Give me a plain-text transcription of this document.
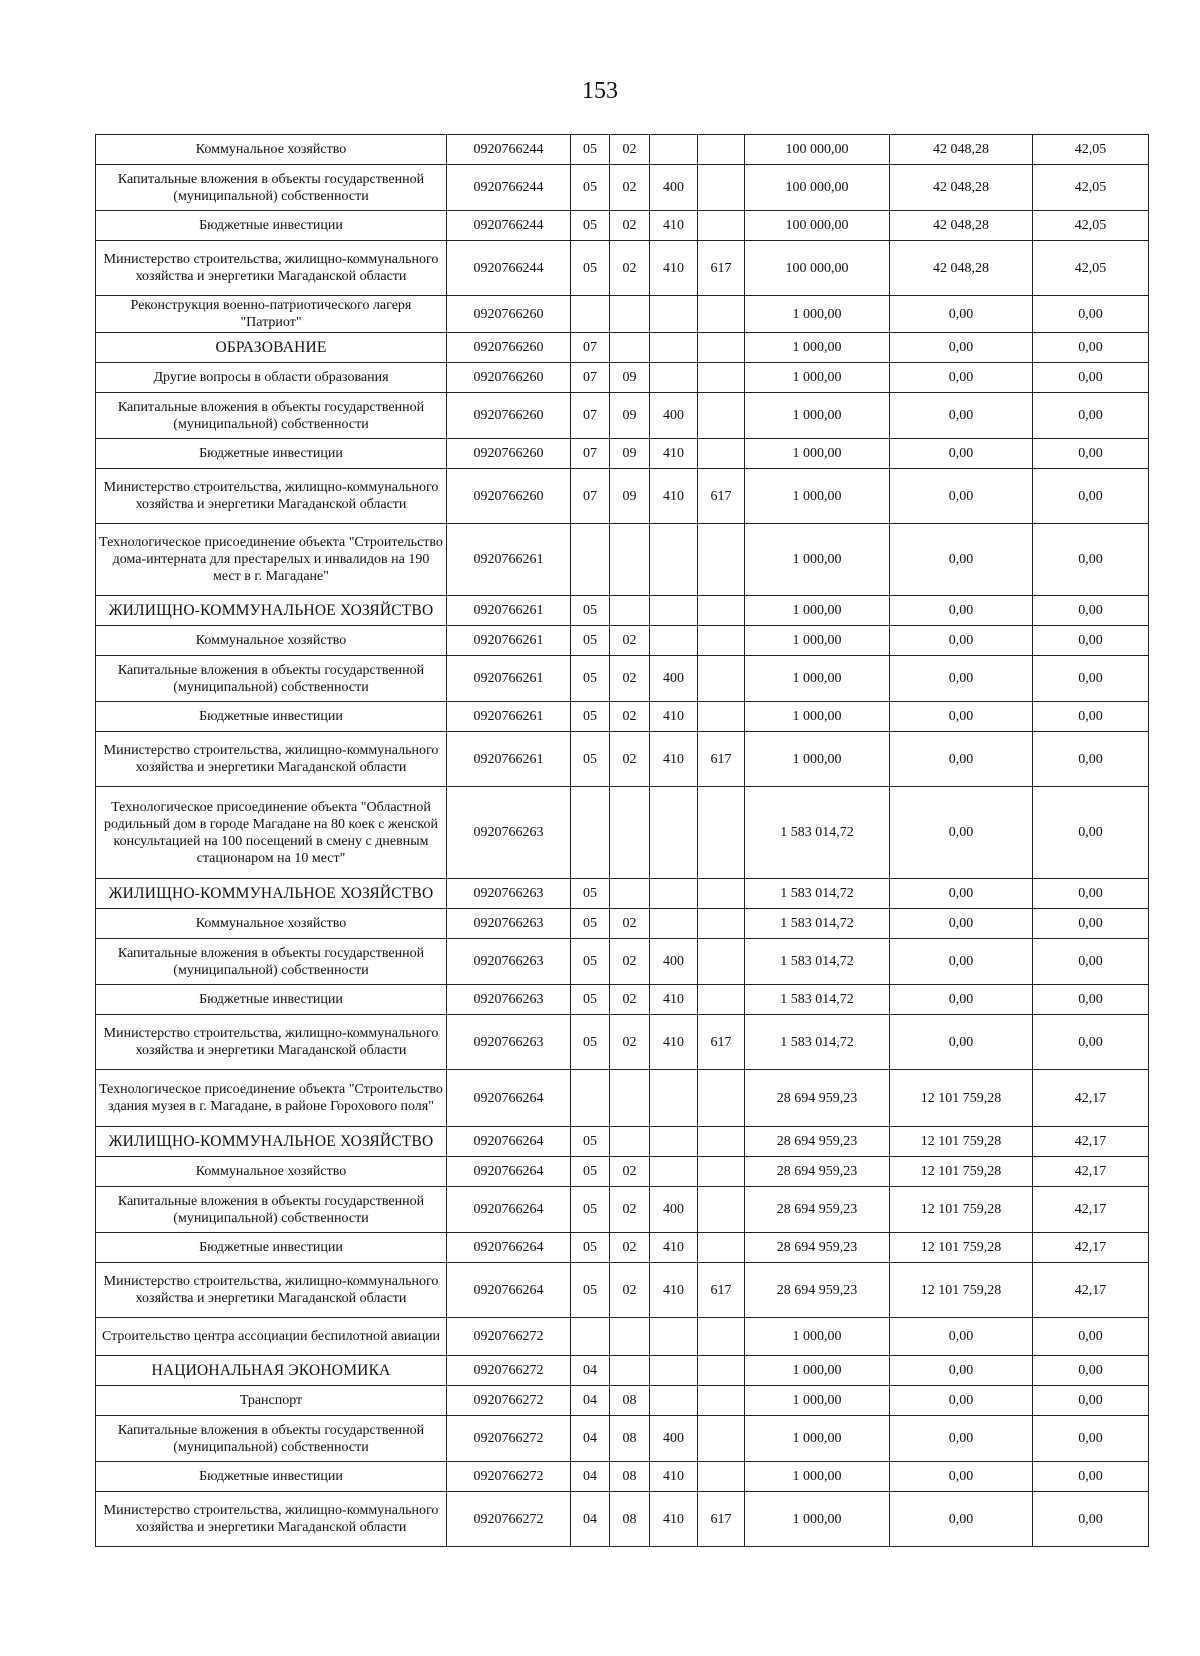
153
Коммунальное хозяйство	0920766244	05	02			100 000,00	42 048,28	42,05
Капитальные вложения в объекты государственной (муниципальной) собственности	0920766244	05	02	400		100 000,00	42 048,28	42,05
Бюджетные инвестиции	0920766244	05	02	410		100 000,00	42 048,28	42,05
Министерство строительства, жилищно-коммунального хозяйства и энергетики Магаданской области	0920766244	05	02	410	617	100 000,00	42 048,28	42,05
Реконструкция военно-патриотического лагеря "Патриот"	0920766260					1 000,00	0,00	0,00
ОБРАЗОВАНИЕ	0920766260	07				1 000,00	0,00	0,00
Другие вопросы в области образования	0920766260	07	09			1 000,00	0,00	0,00
Капитальные вложения в объекты государственной (муниципальной) собственности	0920766260	07	09	400		1 000,00	0,00	0,00
Бюджетные инвестиции	0920766260	07	09	410		1 000,00	0,00	0,00
Министерство строительства, жилищно-коммунального хозяйства и энергетики Магаданской области	0920766260	07	09	410	617	1 000,00	0,00	0,00
Технологическое присоединение объекта "Строительство дома-интерната для престарелых и инвалидов на 190 мест в г. Магадане"	0920766261					1 000,00	0,00	0,00
ЖИЛИЩНО-КОММУНАЛЬНОЕ ХОЗЯЙСТВО	0920766261	05				1 000,00	0,00	0,00
Коммунальное хозяйство	0920766261	05	02			1 000,00	0,00	0,00
Капитальные вложения в объекты государственной (муниципальной) собственности	0920766261	05	02	400		1 000,00	0,00	0,00
Бюджетные инвестиции	0920766261	05	02	410		1 000,00	0,00	0,00
Министерство строительства, жилищно-коммунального хозяйства и энергетики Магаданской области	0920766261	05	02	410	617	1 000,00	0,00	0,00
Технологическое присоединение объекта "Областной родильный дом в городе Магадане на 80 коек с женской консультацией на 100 посещений в смену с дневным стационаром на 10 мест"	0920766263					1 583 014,72	0,00	0,00
ЖИЛИЩНО-КОММУНАЛЬНОЕ ХОЗЯЙСТВО	0920766263	05				1 583 014,72	0,00	0,00
Коммунальное хозяйство	0920766263	05	02			1 583 014,72	0,00	0,00
Капитальные вложения в объекты государственной (муниципальной) собственности	0920766263	05	02	400		1 583 014,72	0,00	0,00
Бюджетные инвестиции	0920766263	05	02	410		1 583 014,72	0,00	0,00
Министерство строительства, жилищно-коммунального хозяйства и энергетики Магаданской области	0920766263	05	02	410	617	1 583 014,72	0,00	0,00
Технологическое присоединение объекта "Строительство здания музея в г. Магадане, в районе Горохового поля"	0920766264					28 694 959,23	12 101 759,28	42,17
ЖИЛИЩНО-КОММУНАЛЬНОЕ ХОЗЯЙСТВО	0920766264	05				28 694 959,23	12 101 759,28	42,17
Коммунальное хозяйство	0920766264	05	02			28 694 959,23	12 101 759,28	42,17
Капитальные вложения в объекты государственной (муниципальной) собственности	0920766264	05	02	400		28 694 959,23	12 101 759,28	42,17
Бюджетные инвестиции	0920766264	05	02	410		28 694 959,23	12 101 759,28	42,17
Министерство строительства, жилищно-коммунального хозяйства и энергетики Магаданской области	0920766264	05	02	410	617	28 694 959,23	12 101 759,28	42,17
Строительство центра ассоциации беспилотной авиации	0920766272					1 000,00	0,00	0,00
НАЦИОНАЛЬНАЯ ЭКОНОМИКА	0920766272	04				1 000,00	0,00	0,00
Транспорт	0920766272	04	08			1 000,00	0,00	0,00
Капитальные вложения в объекты государственной (муниципальной) собственности	0920766272	04	08	400		1 000,00	0,00	0,00
Бюджетные инвестиции	0920766272	04	08	410		1 000,00	0,00	0,00
Министерство строительства, жилищно-коммунального хозяйства и энергетики Магаданской области	0920766272	04	08	410	617	1 000,00	0,00	0,00
